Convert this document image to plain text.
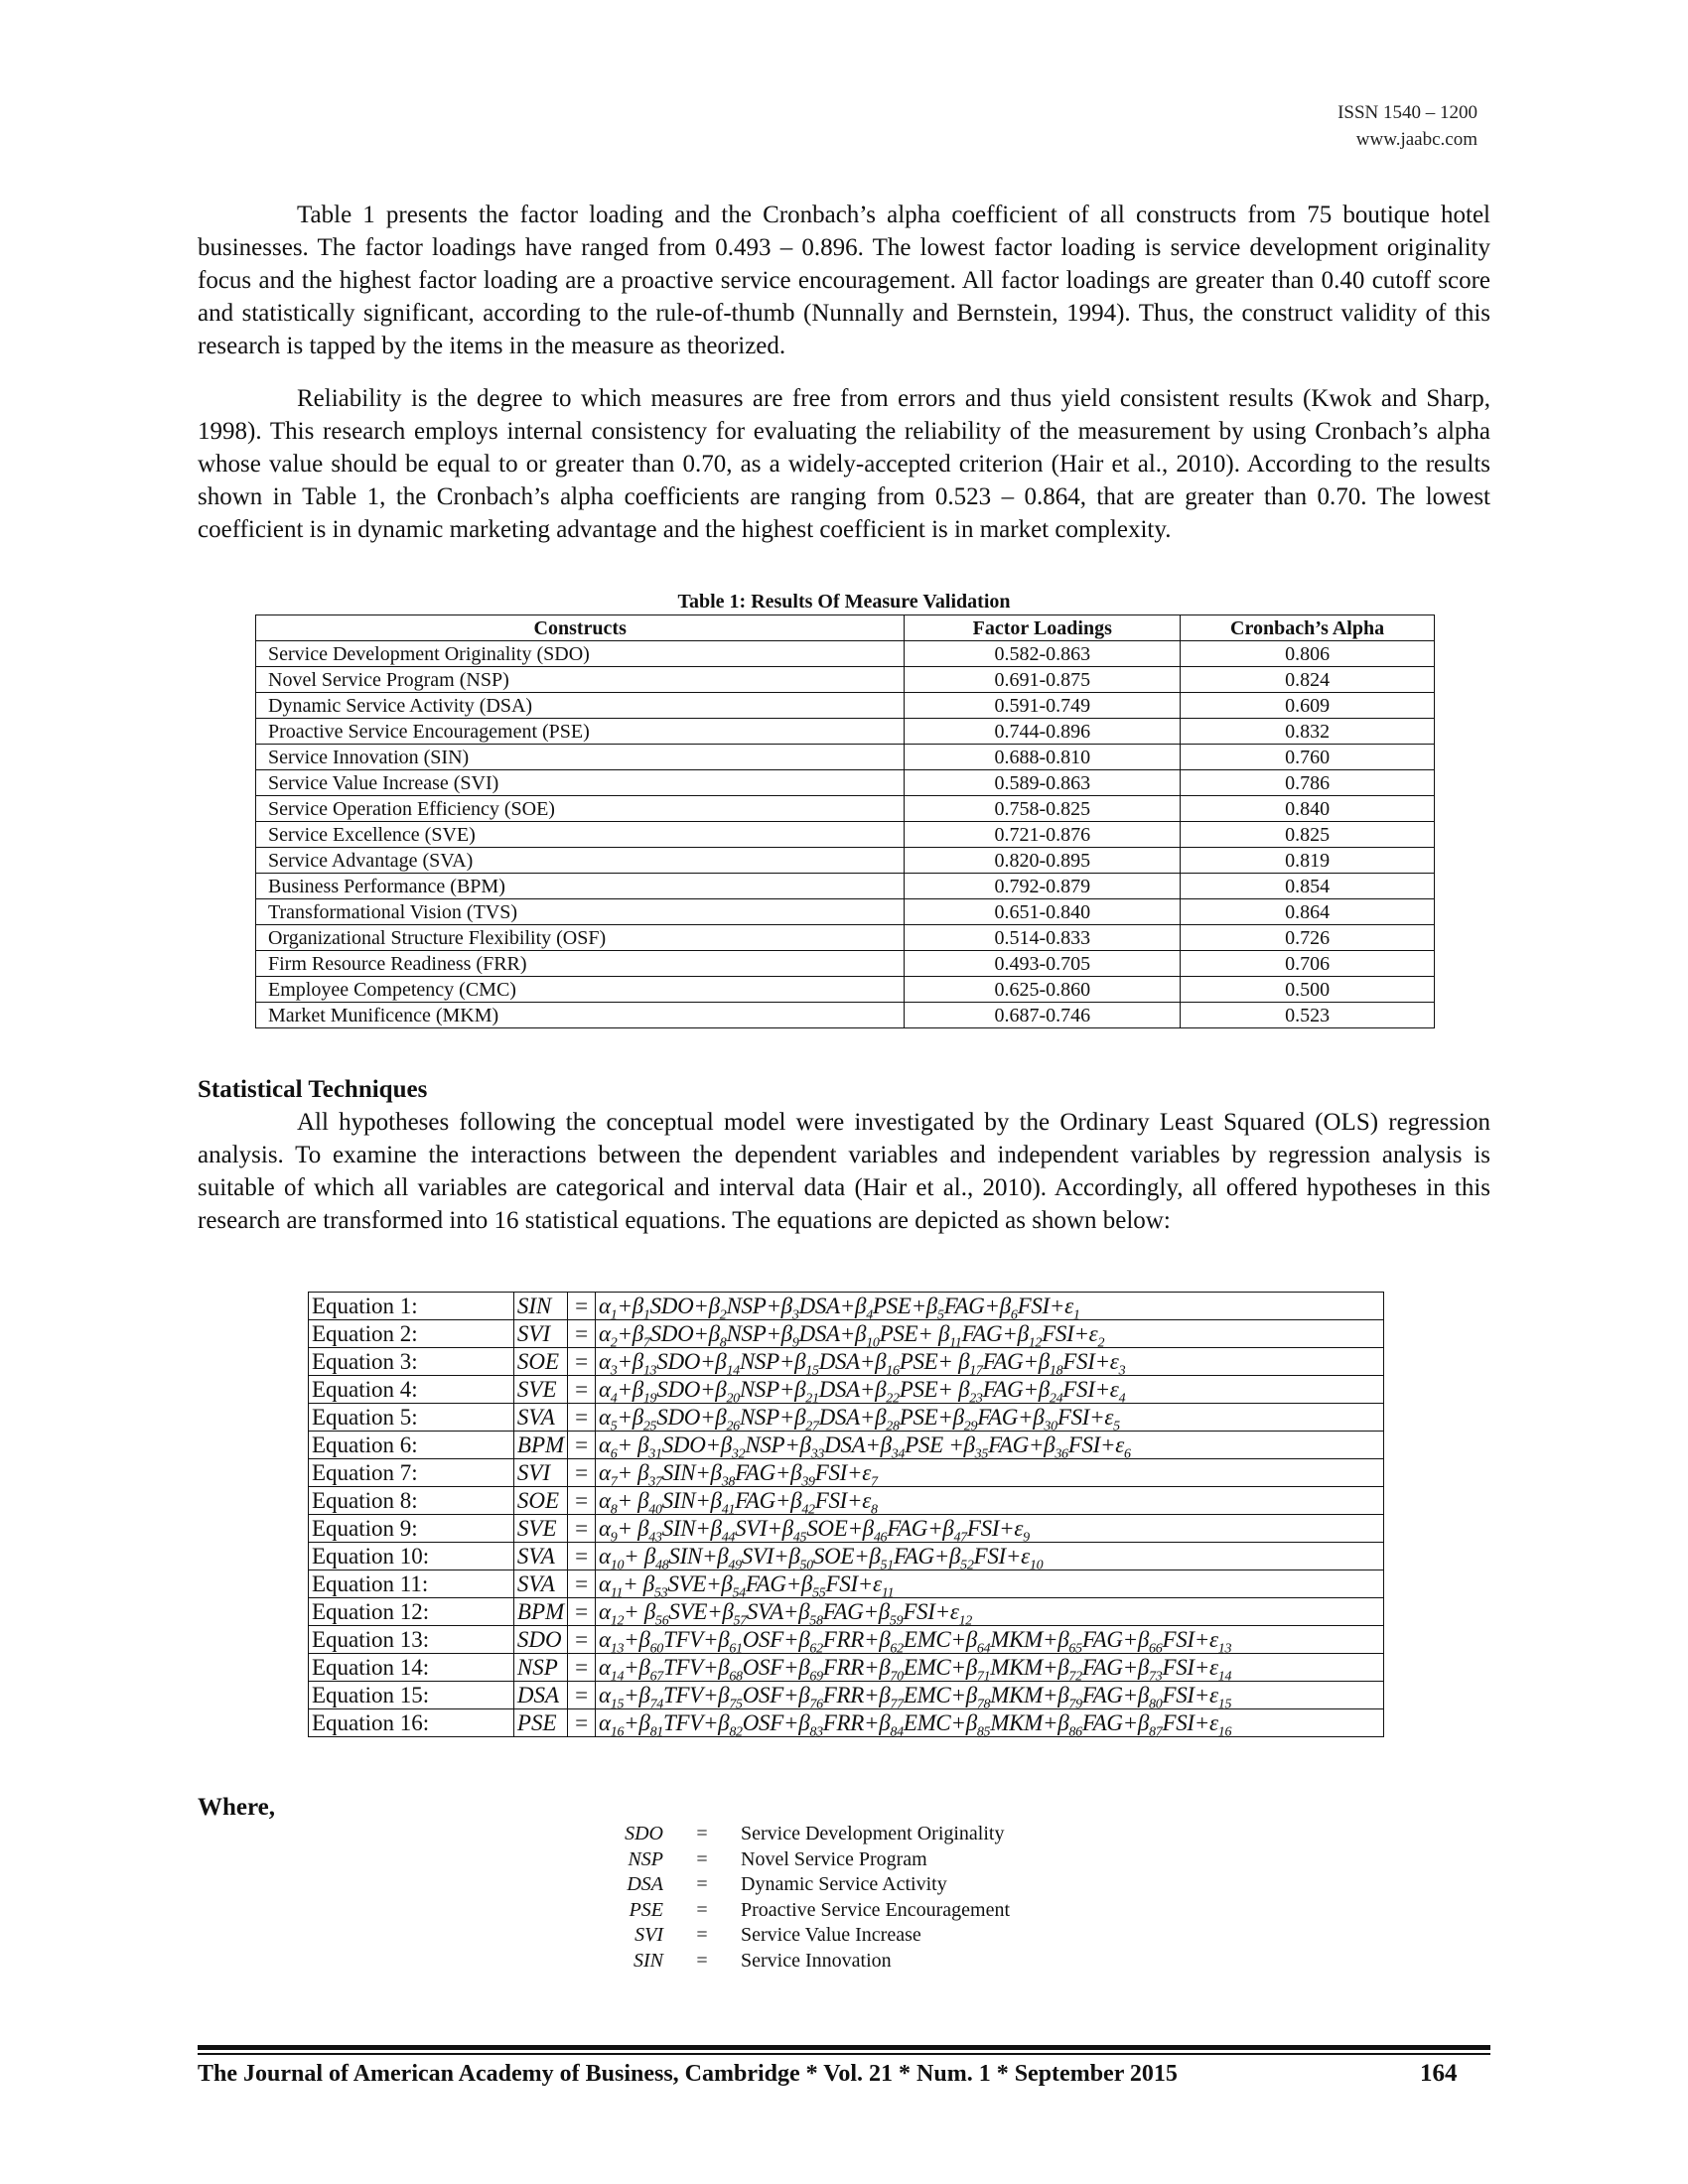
ISSN 1540 – 1200
www.jaabc.com

Table 1 presents the factor loading and the Cronbach’s alpha coefficient of all constructs from 75 boutique hotel businesses. The factor loadings have ranged from 0.493 – 0.896. The lowest factor loading is service development originality focus and the highest factor loading are a proactive service encouragement. All factor loadings are greater than 0.40 cutoff score and statistically significant, according to the rule-of-thumb (Nunnally and Bernstein, 1994). Thus, the construct validity of this research is tapped by the items in the measure as theorized.

Reliability is the degree to which measures are free from errors and thus yield consistent results (Kwok and Sharp, 1998). This research employs internal consistency for evaluating the reliability of the measurement by using Cronbach’s alpha whose value should be equal to or greater than 0.70, as a widely-accepted criterion (Hair et al., 2010). According to the results shown in Table 1, the Cronbach’s alpha coefficients are ranging from 0.523 – 0.864, that are greater than 0.70. The lowest coefficient is in dynamic marketing advantage and the highest coefficient is in market complexity.

Table 1: Results Of Measure Validation
Constructs	Factor Loadings	Cronbach’s Alpha
Service Development Originality (SDO)	0.582-0.863	0.806
Novel Service Program (NSP)	0.691-0.875	0.824
Dynamic Service Activity (DSA)	0.591-0.749	0.609
Proactive Service Encouragement (PSE)	0.744-0.896	0.832
Service Innovation (SIN)	0.688-0.810	0.760
Service Value Increase (SVI)	0.589-0.863	0.786
Service Operation Efficiency (SOE)	0.758-0.825	0.840
Service Excellence (SVE)	0.721-0.876	0.825
Service Advantage (SVA)	0.820-0.895	0.819
Business Performance (BPM)	0.792-0.879	0.854
Transformational Vision (TVS)	0.651-0.840	0.864
Organizational Structure Flexibility (OSF)	0.514-0.833	0.726
Firm Resource Readiness (FRR)	0.493-0.705	0.706
Employee Competency (CMC)	0.625-0.860	0.500
Market Munificence (MKM)	0.687-0.746	0.523
Statistical Techniques

All hypotheses following the conceptual model were investigated by the Ordinary Least Squared (OLS) regression analysis. To examine the interactions between the dependent variables and independent variables by regression analysis is suitable of which all variables are categorical and interval data (Hair et al., 2010). Accordingly, all offered hypotheses in this research are transformed into 16 statistical equations. The equations are depicted as shown below:

Equation 1:	SIN	=	$\alpha_1+\beta_1SDO+\beta_2NSP+\beta_3DSA+\beta_4PSE+\beta_5FAG+\beta_6FSI+\varepsilon_1$
Equation 2:	SVI	=	$\alpha_2+\beta_7SDO+\beta_8NSP+\beta_9DSA+\beta_{10}PSE+ \beta_{11}FAG+\beta_{12}FSI+\varepsilon_2$
Equation 3:	SOE	=	$\alpha_3+\beta_{13}SDO+\beta_{14}NSP+\beta_{15}DSA+\beta_{16}PSE+ \beta_{17}FAG+\beta_{18}FSI+\varepsilon_3$
Equation 4:	SVE	=	$\alpha_4+\beta_{19}SDO+\beta_{20}NSP+\beta_{21}DSA+\beta_{22}PSE+ \beta_{23}FAG+\beta_{24}FSI+\varepsilon_4$
Equation 5:	SVA	=	$\alpha_5+\beta_{25}SDO+\beta_{26}NSP+\beta_{27}DSA+\beta_{28}PSE+\beta_{29}FAG+\beta_{30}FSI+\varepsilon_5$
Equation 6:	BPM	=	$\alpha_6+ \beta_{31}SDO+\beta_{32}NSP+\beta_{33}DSA+\beta_{34}PSE +\beta_{35}FAG+\beta_{36}FSI+\varepsilon_6$
Equation 7:	SVI	=	$\alpha_7+ \beta_{37}SIN+\beta_{38}FAG+\beta_{39}FSI+\varepsilon_7$
Equation 8:	SOE	=	$\alpha_8+ \beta_{40}SIN+\beta_{41}FAG+\beta_{42}FSI+\varepsilon_8$
Equation 9:	SVE	=	$\alpha_9+ \beta_{43}SIN+\beta_{44}SVI+\beta_{45}SOE+\beta_{46}FAG+\beta_{47}FSI+\varepsilon_9$
Equation 10:	SVA	=	$\alpha_{10}+ \beta_{48}SIN+\beta_{49}SVI+\beta_{50}SOE+\beta_{51}FAG+\beta_{52}FSI+\varepsilon_{10}$
Equation 11:	SVA	=	$\alpha_{11}+ \beta_{53}SVE+\beta_{54}FAG+\beta_{55}FSI+\varepsilon_{11}$
Equation 12:	BPM	=	$\alpha_{12}+ \beta_{56}SVE+\beta_{57}SVA+\beta_{58}FAG+\beta_{59}FSI+\varepsilon_{12}$
Equation 13:	SDO	=	$\alpha_{13}+\beta_{60}TFV+\beta_{61}OSF+\beta_{62}FRR+\beta_{62}EMC+\beta_{64}MKM+\beta_{65}FAG+\beta_{66}FSI+\varepsilon_{13}$
Equation 14:	NSP	=	$\alpha_{14}+\beta_{67}TFV+\beta_{68}OSF+\beta_{69}FRR+\beta_{70}EMC+\beta_{71}MKM+\beta_{72}FAG+\beta_{73}FSI+\varepsilon_{14}$
Equation 15:	DSA	=	$\alpha_{15}+\beta_{74}TFV+\beta_{75}OSF+\beta_{76}FRR+\beta_{77}EMC+\beta_{78}MKM+\beta_{79}FAG+\beta_{80}FSI+\varepsilon_{15}$
Equation 16:	PSE	=	$\alpha_{16}+\beta_{81}TFV+\beta_{82}OSF+\beta_{83}FRR+\beta_{84}EMC+\beta_{85}MKM+\beta_{86}FAG+\beta_{87}FSI+\varepsilon_{16}$
Where,
SDO	=	Service Development Originality
NSP	=	Novel Service Program
DSA	=	Dynamic Service Activity
PSE	=	Proactive Service Encouragement
SVI	=	Service Value Increase
SIN	=	Service Innovation
The Journal of American Academy of Business, Cambridge * Vol. 21 * Num. 1 * September 2015	164
